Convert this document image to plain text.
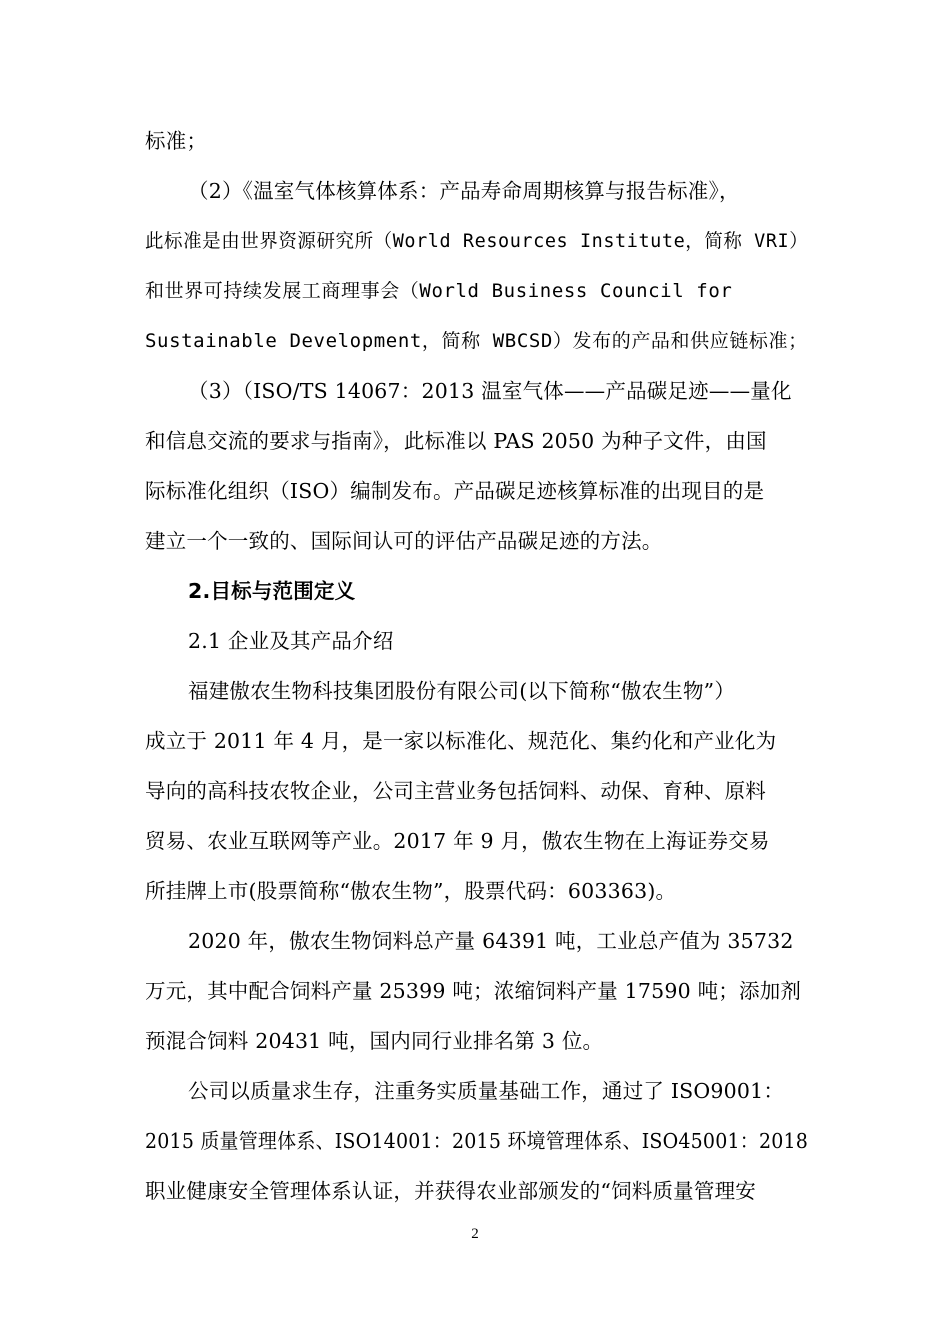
标准；
（2）《温室气体核算体系：产品寿命周期核算与报告标准》，
此标准是由世界资源研究所（World Resources Institute，简称 VRI）
和世界可持续发展工商理事会（World Business Council for
Sustainable Development，简称 WBCSD）发布的产品和供应链标准；
（3）（ISO/TS 14067：2013 温室气体——产品碳足迹——量化
和信息交流的要求与指南》，此标准以 PAS 2050 为种子文件，由国
际标准化组织（ISO）编制发布。产品碳足迹核算标准的出现目的是
建立一个一致的、国际间认可的评估产品碳足迹的方法。
2.目标与范围定义
2.1 企业及其产品介绍
福建傲农生物科技集团股份有限公司(以下简称“傲农生物”）
成立于 2011 年 4 月，是一家以标准化、规范化、集约化和产业化为
导向的高科技农牧企业，公司主营业务包括饲料、动保、育种、原料
贸易、农业互联网等产业。2017 年 9 月，傲农生物在上海证券交易
所挂牌上市(股票简称“傲农生物”，股票代码：603363)。
2020 年，傲农生物饲料总产量 64391 吨，工业总产值为 35732
万元，其中配合饲料产量 25399 吨；浓缩饲料产量 17590 吨；添加剂
预混合饲料 20431 吨，国内同行业排名第 3 位。
公司以质量求生存，注重务实质量基础工作，通过了 ISO9001：
2015 质量管理体系、ISO14001：2015 环境管理体系、ISO45001：2018
职业健康安全管理体系认证，并获得农业部颁发的“饲料质量管理安
2
